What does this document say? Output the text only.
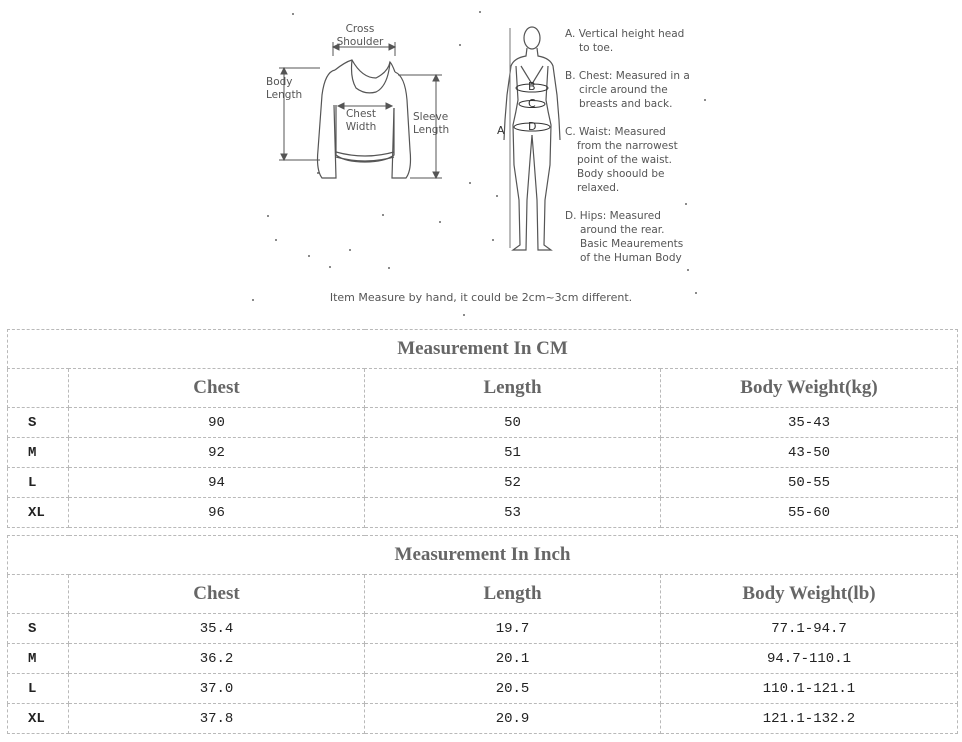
Cross
Shoulder
Body
Length
Chest
Width
Sleeve
Length	A
B
C
D
A. Vertical height head
to toe.
B. Chest: Measured in a
circle around the
breasts and back.
C. Waist: Measured
from the narrowest
point of the waist.
Body shoould be
relaxed.
D. Hips: Measured
around the rear.
Basic Meaurements
of the Human Body
Item Measure by hand, it could be 2cm~3cm different.
Measurement In CM			
	Chest	Length	Body Weight(kg)
S	90	50	35-43
M	92	51	43-50
L	94	52	50-55
XL	96	53	55-60
Measurement In Inch			
	Chest	Length	Body Weight(lb)
S	35.4	19.7	77.1-94.7
M	36.2	20.1	94.7-110.1
L	37.0	20.5	110.1-121.1
XL	37.8	20.9	121.1-132.2
